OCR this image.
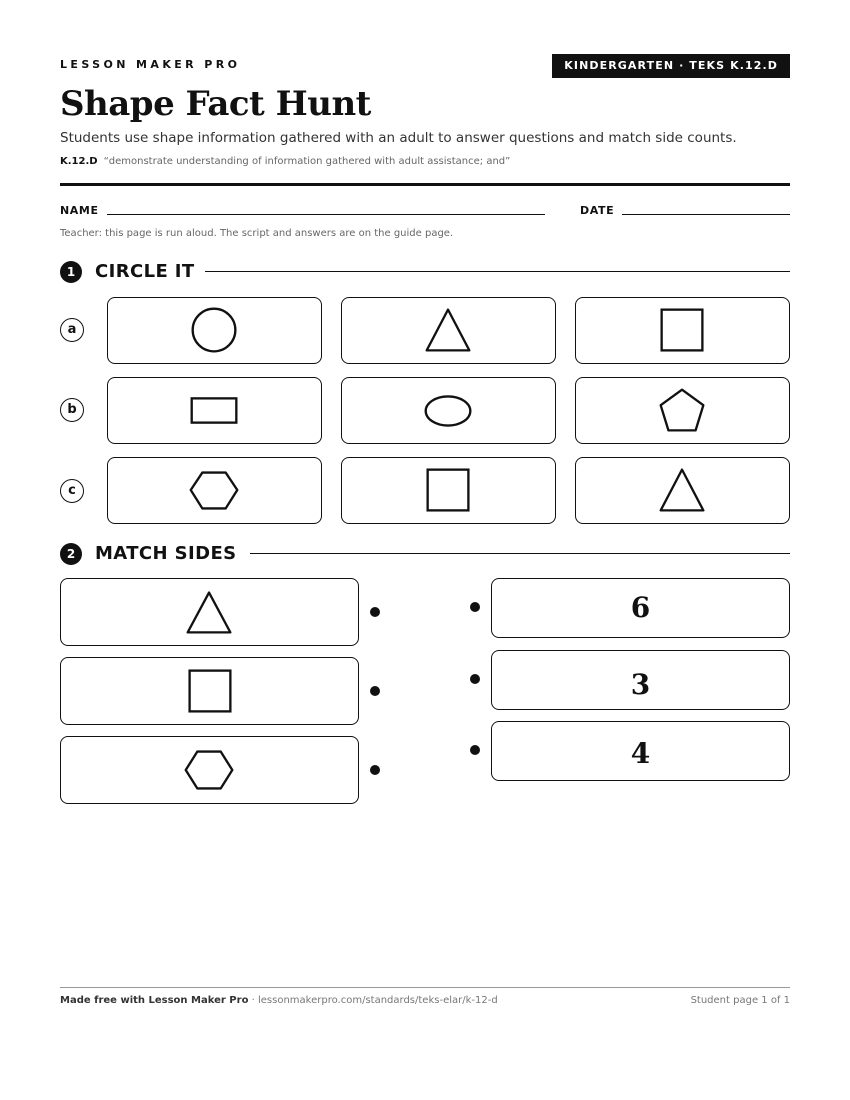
LESSON MAKER PRO	KINDERGARTEN · TEKS K.12.D
Shape Fact Hunt
Students use shape information gathered with an adult to answer questions and match side counts.
K.12.D “demonstrate understanding of information gathered with adult assistance; and”
NAME	DATE
Teacher: this page is run aloud. The script and answers are on the guide page.
1	CIRCLE IT
a
b
c
2	MATCH SIDES
6
3
4
Made free with Lesson Maker Pro · lessonmakerpro.com/standards/teks-elar/k-12-d	Student page 1 of 1
